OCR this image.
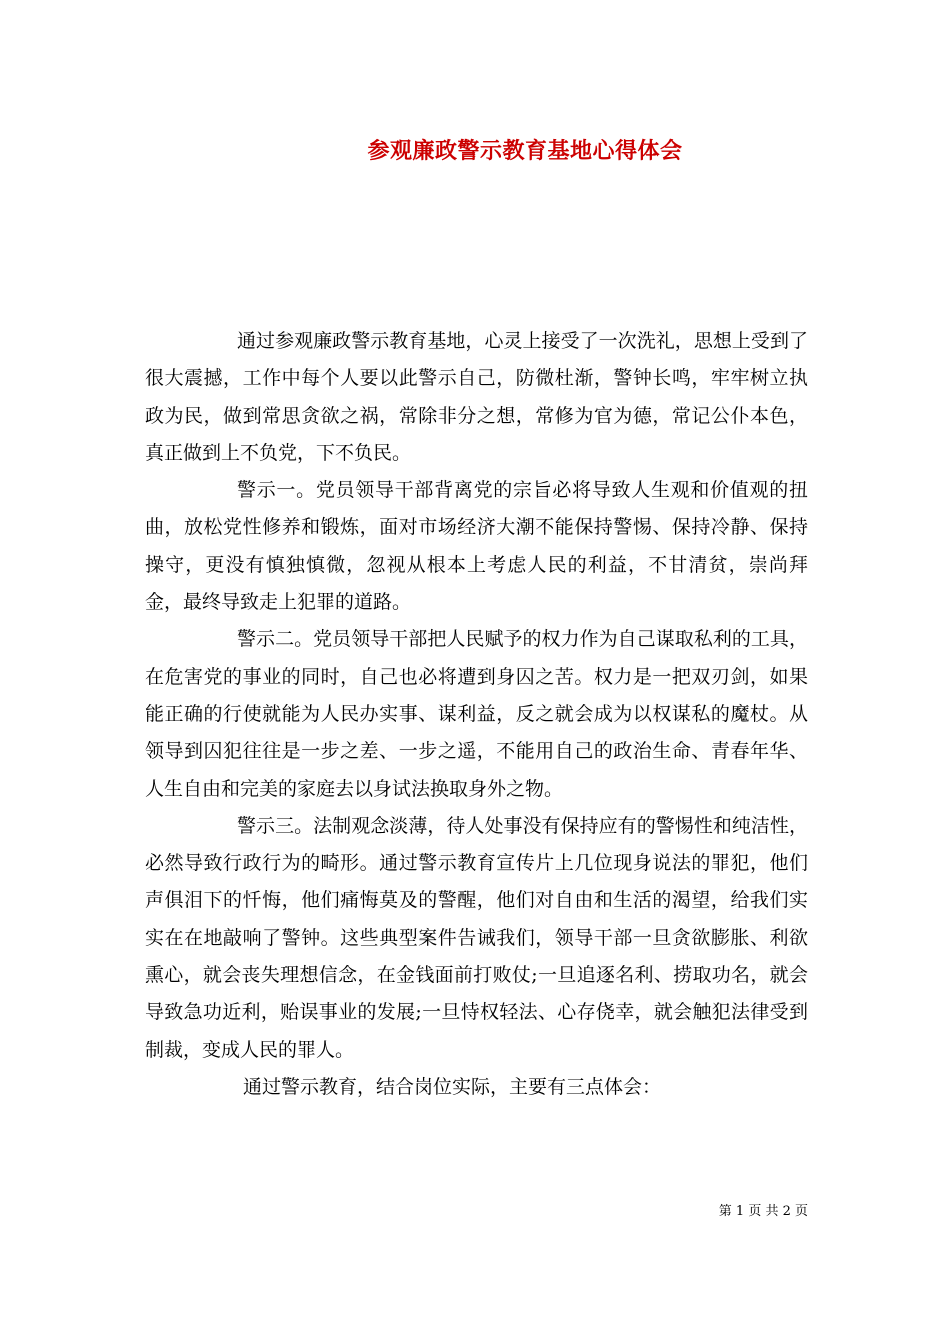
参观廉政警示教育基地心得体会

通过参观廉政警示教育基地，心灵上接受了一次洗礼，思想上受到了很大震撼，工作中每个人要以此警示自己，防微杜渐，警钟长鸣，牢牢树立执政为民，做到常思贪欲之祸，常除非分之想，常修为官为德，常记公仆本色，真正做到上不负党，下不负民。

警示一。党员领导干部背离党的宗旨必将导致人生观和价值观的扭曲，放松党性修养和锻炼，面对市场经济大潮不能保持警惕、保持冷静、保持操守，更没有慎独慎微，忽视从根本上考虑人民的利益，不甘清贫，崇尚拜金，最终导致走上犯罪的道路。

警示二。党员领导干部把人民赋予的权力作为自己谋取私利的工具，在危害党的事业的同时，自己也必将遭到身囚之苦。权力是一把双刃剑，如果能正确的行使就能为人民办实事、谋利益，反之就会成为以权谋私的魔杖。从领导到囚犯往往是一步之差、一步之遥，不能用自己的政治生命、青春年华、人生自由和完美的家庭去以身试法换取身外之物。

警示三。法制观念淡薄，待人处事没有保持应有的警惕性和纯洁性，必然导致行政行为的畸形。通过警示教育宣传片上几位现身说法的罪犯，他们声俱泪下的忏悔，他们痛悔莫及的警醒，他们对自由和生活的渴望，给我们实实在在地敲响了警钟。这些典型案件告诫我们，领导干部一旦贪欲膨胀、利欲熏心，就会丧失理想信念，在金钱面前打败仗;一旦追逐名利、捞取功名，就会导致急功近利，贻误事业的发展;一旦恃权轻法、心存侥幸，就会触犯法律受到制裁，变成人民的罪人。

通过警示教育，结合岗位实际，主要有三点体会：

第 1 页 共 2 页
